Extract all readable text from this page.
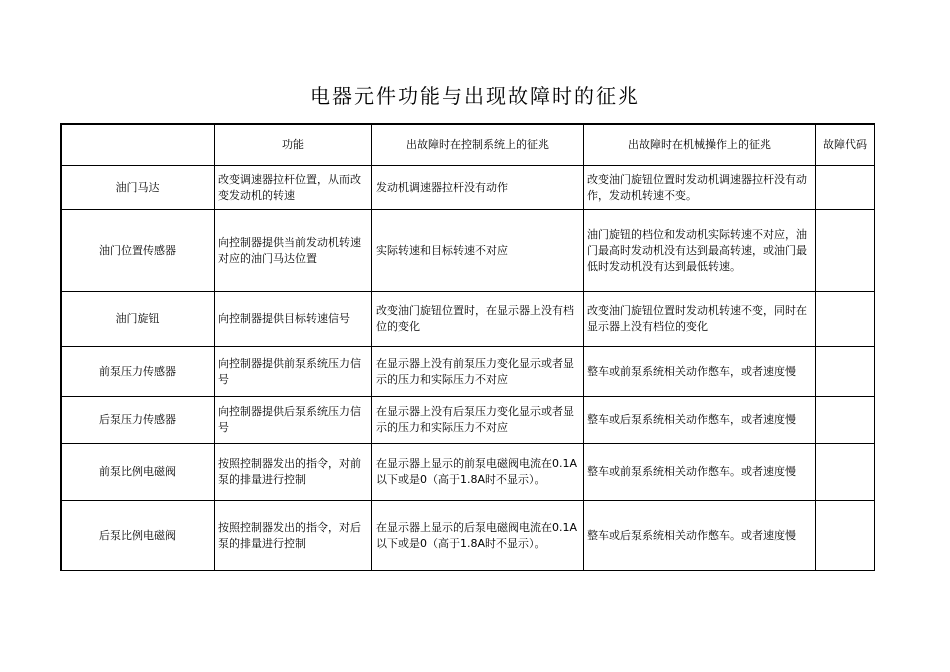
电器元件功能与出现故障时的征兆
	功能	出故障时在控制系统上的征兆	出故障时在机械操作上的征兆	故障代码
油门马达	改变调速器拉杆位置，从而改变发动机的转速	发动机调速器拉杆没有动作	改变油门旋钮位置时发动机调速器拉杆没有动作，发动机转速不变。	
油门位置传感器	向控制器提供当前发动机转速对应的油门马达位置	实际转速和目标转速不对应	油门旋钮的档位和发动机实际转速不对应，油门最高时发动机没有达到最高转速，或油门最低时发动机没有达到最低转速。	
油门旋钮	向控制器提供目标转速信号	改变油门旋钮位置时，在显示器上没有档位的变化	改变油门旋钮位置时发动机转速不变，同时在显示器上没有档位的变化	
前泵压力传感器	向控制器提供前泵系统压力信号	在显示器上没有前泵压力变化显示或者显示的压力和实际压力不对应	整车或前泵系统相关动作憋车，或者速度慢	
后泵压力传感器	向控制器提供后泵系统压力信号	在显示器上没有后泵压力变化显示或者显示的压力和实际压力不对应	整车或后泵系统相关动作憋车，或者速度慢	
前泵比例电磁阀	按照控制器发出的指令，对前泵的排量进行控制	在显示器上显示的前泵电磁阀电流在0.1A以下或是0（高于1.8A时不显示）。	整车或前泵系统相关动作憋车。或者速度慢	
后泵比例电磁阀	按照控制器发出的指令，对后泵的排量进行控制	在显示器上显示的后泵电磁阀电流在0.1A以下或是0（高于1.8A时不显示）。	整车或后泵系统相关动作憋车。或者速度慢	
